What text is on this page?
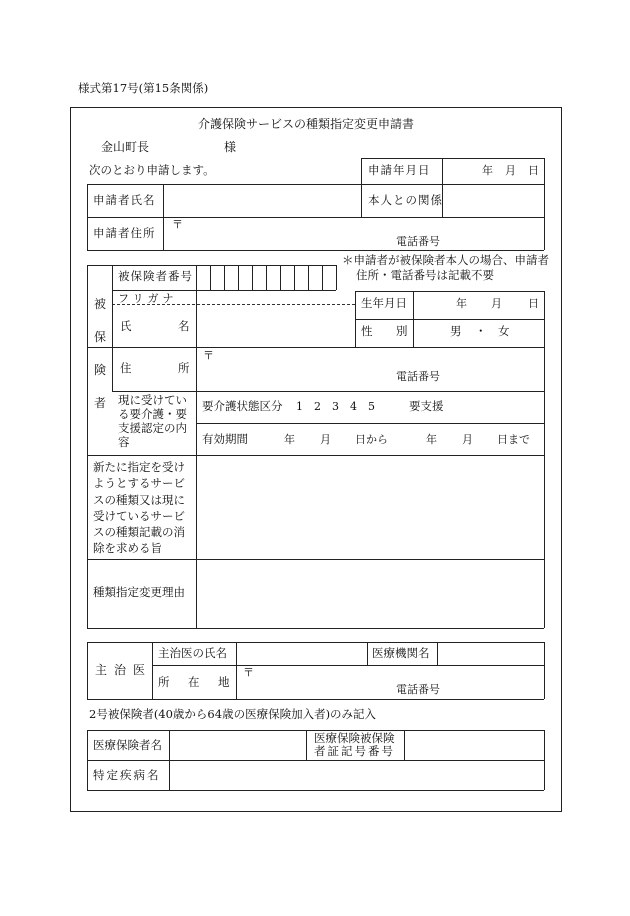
様式第17号(第15条関係)
介護保険サービスの種類指定変更申請書
金山町長	様
次のとおり申請します。	申請年月日	年 月 日
申請者氏名	本人との関係
申請者住所
〒
電話番号
＊申請者が被保険者本人の場合、申請者
住所・電話番号は記載不要
被
保
険
者
被保険者番号
フリガナ
氏	名
生年月日	年 月 日
性 別	男 ・ 女
住	所
〒
電話番号
現に受けてい
る要介護・要
支援認定の内
容
要介護状態区分 1 2 3 4 5	要支援
有効期間	年 月 日から	年 月 日まで
新たに指定を受け
ようとするサービ
スの種類又は現に
受けているサービ
スの種類記載の消
除を求める旨
種類指定変更理由
主治医
主治医の氏名	医療機関名
所 在 地
〒
電話番号
2号被保険者(40歳から64歳の医療保険加入者)のみ記入
医療保険者名	医療保険被保険
者証記号番号
特定疾病名
